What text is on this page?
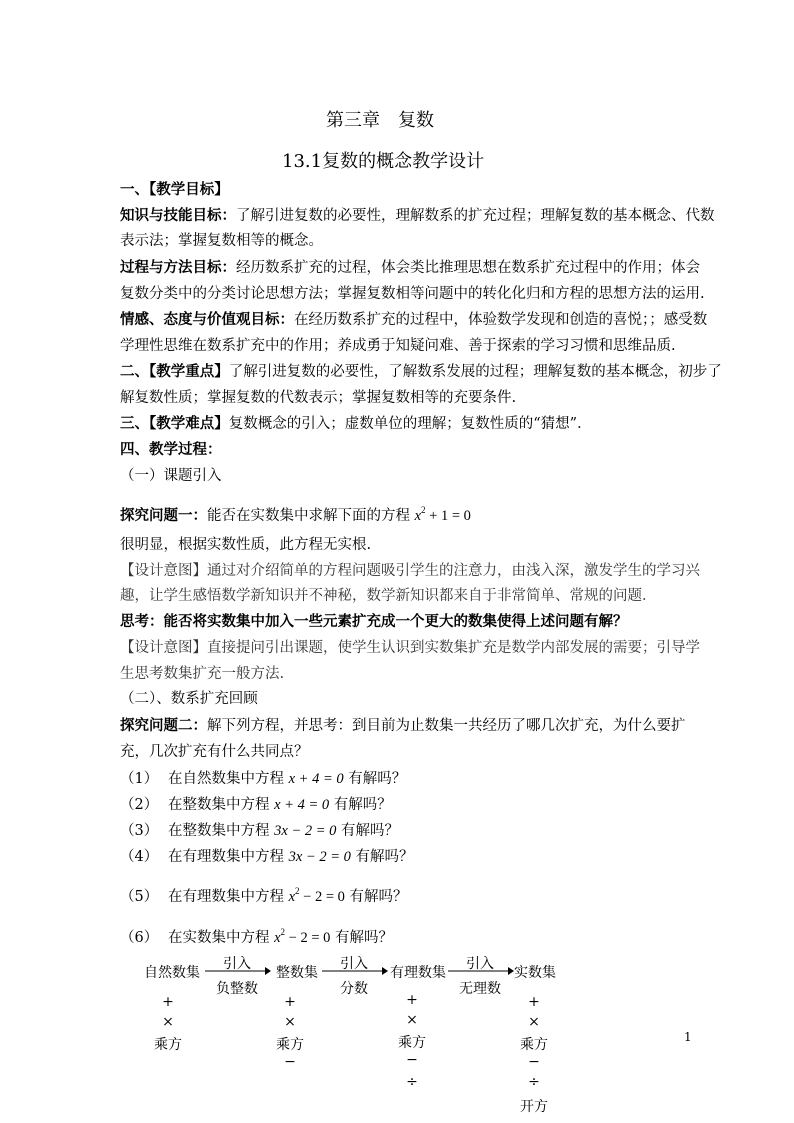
第三章　复数
13.1复数的概念教学设计
一、【教学目标】
知识与技能目标：了解引进复数的必要性，理解数系的扩充过程；理解复数的基本概念、代数
表示法；掌握复数相等的概念。
过程与方法目标：经历数系扩充的过程，体会类比推理思想在数系扩充过程中的作用；体会
复数分类中的分类讨论思想方法；掌握复数相等问题中的转化化归和方程的思想方法的运用.
情感、态度与价值观目标：在经历数系扩充的过程中，体验数学发现和创造的喜悦；；感受数
学理性思维在数系扩充中的作用；养成勇于知疑问难、善于探索的学习习惯和思维品质.
二、【教学重点】了解引进复数的必要性，了解数系发展的过程；理解复数的基本概念，初步了
解复数性质；掌握复数的代数表示；掌握复数相等的充要条件.
三、【教学难点】复数概念的引入；虚数单位的理解；复数性质的“猜想”．
四、教学过程：
（一）课题引入
探究问题一：能否在实数集中求解下面的方程 $x^2 + 1 = 0$
很明显，根据实数性质，此方程无实根.
【设计意图】通过对介绍简单的方程问题吸引学生的注意力，由浅入深，激发学生的学习兴
趣，让学生感悟数学新知识并不神秘，数学新知识都来自于非常简单、常规的问题．
思考：能否将实数集中加入一些元素扩充成一个更大的数集使得上述问题有解？
【设计意图】直接提问引出课题，使学生认识到实数集扩充是数学内部发展的需要；引导学
生思考数集扩充一般方法.
（二）、数系扩充回顾
探究问题二：解下列方程，并思考：到目前为止数集一共经历了哪几次扩充，为什么要扩
充，几次扩充有什么共同点？
（1） 在自然数集中方程 x + 4 = 0 有解吗？
（2） 在整数集中方程 x + 4 = 0 有解吗？
（3） 在整数集中方程 3x − 2 = 0 有解吗？
（4） 在有理数集中方程 3x − 2 = 0 有解吗？
（5） 在有理数集中方程 $x^2 - 2 = 0$ 有解吗？
（6） 在实数集中方程 $x^2 - 2 = 0$ 有解吗？
自然数集	整数集	有理数集	实数集
引入
负整数
引入
分数
引入
无理数
+
×
乘方
+
×
乘方
−
+
×
乘方
−
÷
+
×
乘方
−
÷
开方
1
